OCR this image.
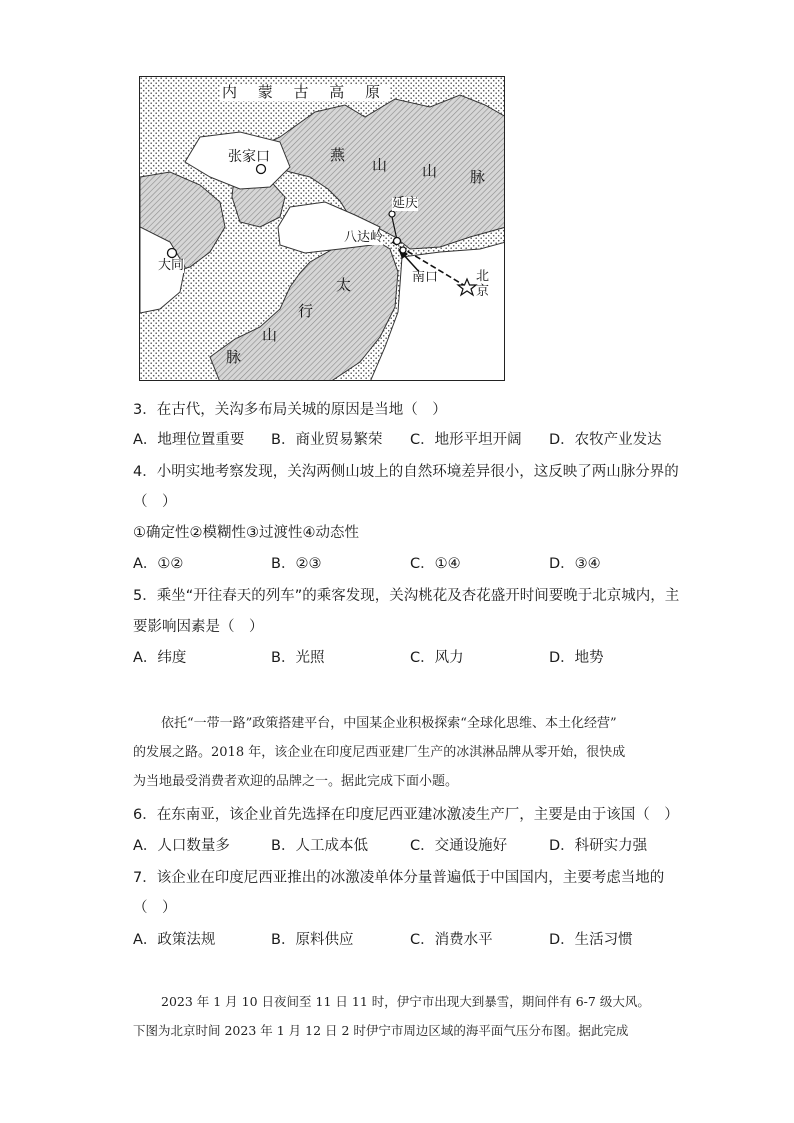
内 蒙 古 高 原
张家口	燕
山 山 脉
延庆
八达岭
大同
太
行
山
脉
南口	北
京
3．在古代，关沟多布局关城的原因是当地（　）
A．地理位置重要 B．商业贸易繁荣 C．地形平坦开阔 D．农牧产业发达
4．小明实地考察发现，关沟两侧山坡上的自然环境差异很小，这反映了两山脉分界的
（　）
①确定性②模糊性③过渡性④动态性
A．①②	B．②③	C．①④	D．③④
5．乘坐“开往春天的列车”的乘客发现，关沟桃花及杏花盛开时间要晚于北京城内，主
要影响因素是（　）
A．纬度	B．光照	C．风力	D．地势
依托“一带一路”政策搭建平台，中国某企业积极探索“全球化思维、本土化经营”
的发展之路。2018 年，该企业在印度尼西亚建厂生产的冰淇淋品牌从零开始，很快成
为当地最受消费者欢迎的品牌之一。据此完成下面小题。
6．在东南亚，该企业首先选择在印度尼西亚建冰激凌生产厂，主要是由于该国（　）
A．人口数量多	B．人工成本低	C．交通设施好	D．科研实力强
7．该企业在印度尼西亚推出的冰激凌单体分量普遍低于中国国内，主要考虑当地的
（　）
A．政策法规	B．原料供应	C．消费水平	D．生活习惯
2023 年 1 月 10 日夜间至 11 日 11 时，伊宁市出现大到暴雪，期间伴有 6-7 级大风。
下图为北京时间 2023 年 1 月 12 日 2 时伊宁市周边区域的海平面气压分布图。据此完成
